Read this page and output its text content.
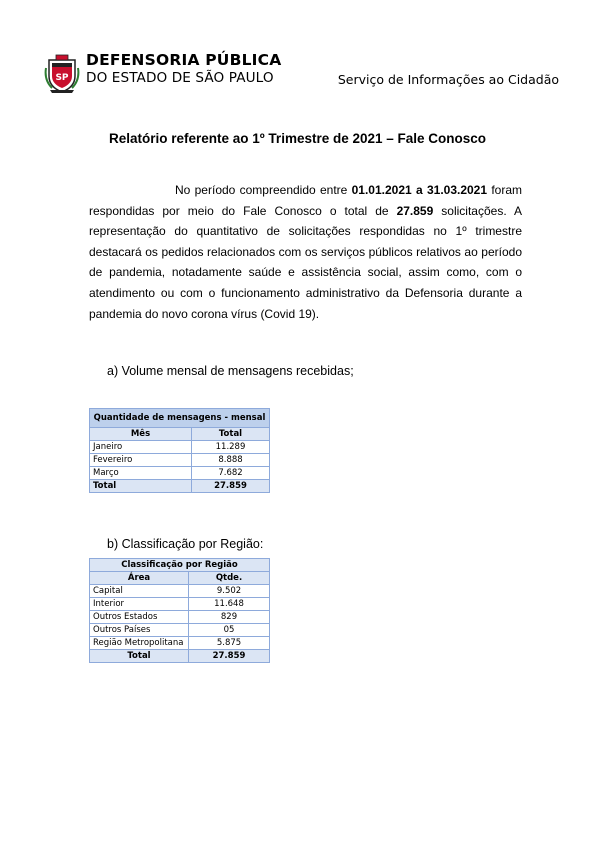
SP
DEFENSORIA PÚBLICA
DO ESTADO DE SÃO PAULO	Serviço de Informações ao Cidadão
Relatório referente ao 1º Trimestre de 2021 – Fale Conosco
No período compreendido entre 01.01.2021 a 31.03.2021 foram respondidas por meio do Fale Conosco o total de 27.859 solicitações. A representação do quantitativo de solicitações respondidas no 1º trimestre destacará os pedidos relacionados com os serviços públicos relativos ao período de pandemia, notadamente saúde e assistência social, assim como, com o atendimento ou com o funcionamento administrativo da Defensoria durante a pandemia do novo corona vírus (Covid 19).
a) Volume mensal de mensagens recebidas;
Quantidade de mensagens - mensal	
Mês	Total
Janeiro	11.289
Fevereiro	8.888
Março	7.682
Total	27.859
b) Classificação por Região:
Classificação por Região	
Área	Qtde.
Capital	9.502
Interior	11.648
Outros Estados	829
Outros Países	05
Região Metropolitana	5.875
Total	27.859
